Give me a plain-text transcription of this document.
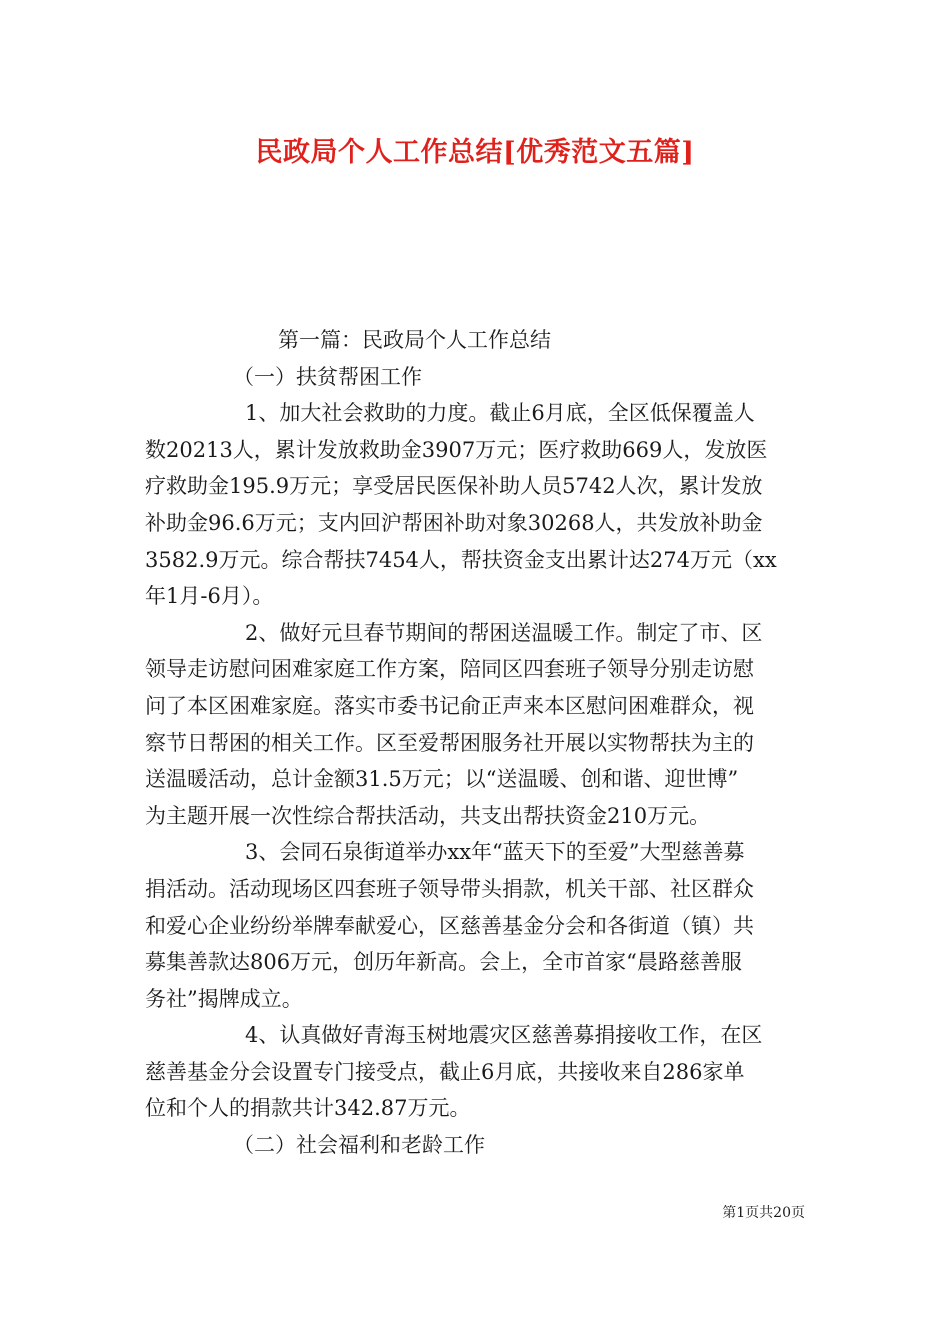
民政局个人工作总结[优秀范文五篇]

第一篇：民政局个人工作总结

（一）扶贫帮困工作

1、加大社会救助的力度。截止6月底，全区低保覆盖人

数20213人，累计发放救助金3907万元；医疗救助669人，发放医

疗救助金195.9万元；享受居民医保补助人员5742人次，累计发放

补助金96.6万元；支内回沪帮困补助对象30268人，共发放补助金

3582.9万元。综合帮扶7454人，帮扶资金支出累计达274万元（xx

年1月-6月）。

2、做好元旦春节期间的帮困送温暖工作。制定了市、区

领导走访慰问困难家庭工作方案，陪同区四套班子领导分别走访慰

问了本区困难家庭。落实市委书记俞正声来本区慰问困难群众，视

察节日帮困的相关工作。区至爱帮困服务社开展以实物帮扶为主的

送温暖活动，总计金额31.5万元；以“送温暖、创和谐、迎世博”

为主题开展一次性综合帮扶活动，共支出帮扶资金210万元。

3、会同石泉街道举办xx年“蓝天下的至爱”大型慈善募

捐活动。活动现场区四套班子领导带头捐款，机关干部、社区群众

和爱心企业纷纷举牌奉献爱心，区慈善基金分会和各街道（镇）共

募集善款达806万元，创历年新高。会上，全市首家“晨路慈善服

务社”揭牌成立。

4、认真做好青海玉树地震灾区慈善募捐接收工作，在区

慈善基金分会设置专门接受点，截止6月底，共接收来自286家单

位和个人的捐款共计342.87万元。

（二）社会福利和老龄工作

第1页共20页
